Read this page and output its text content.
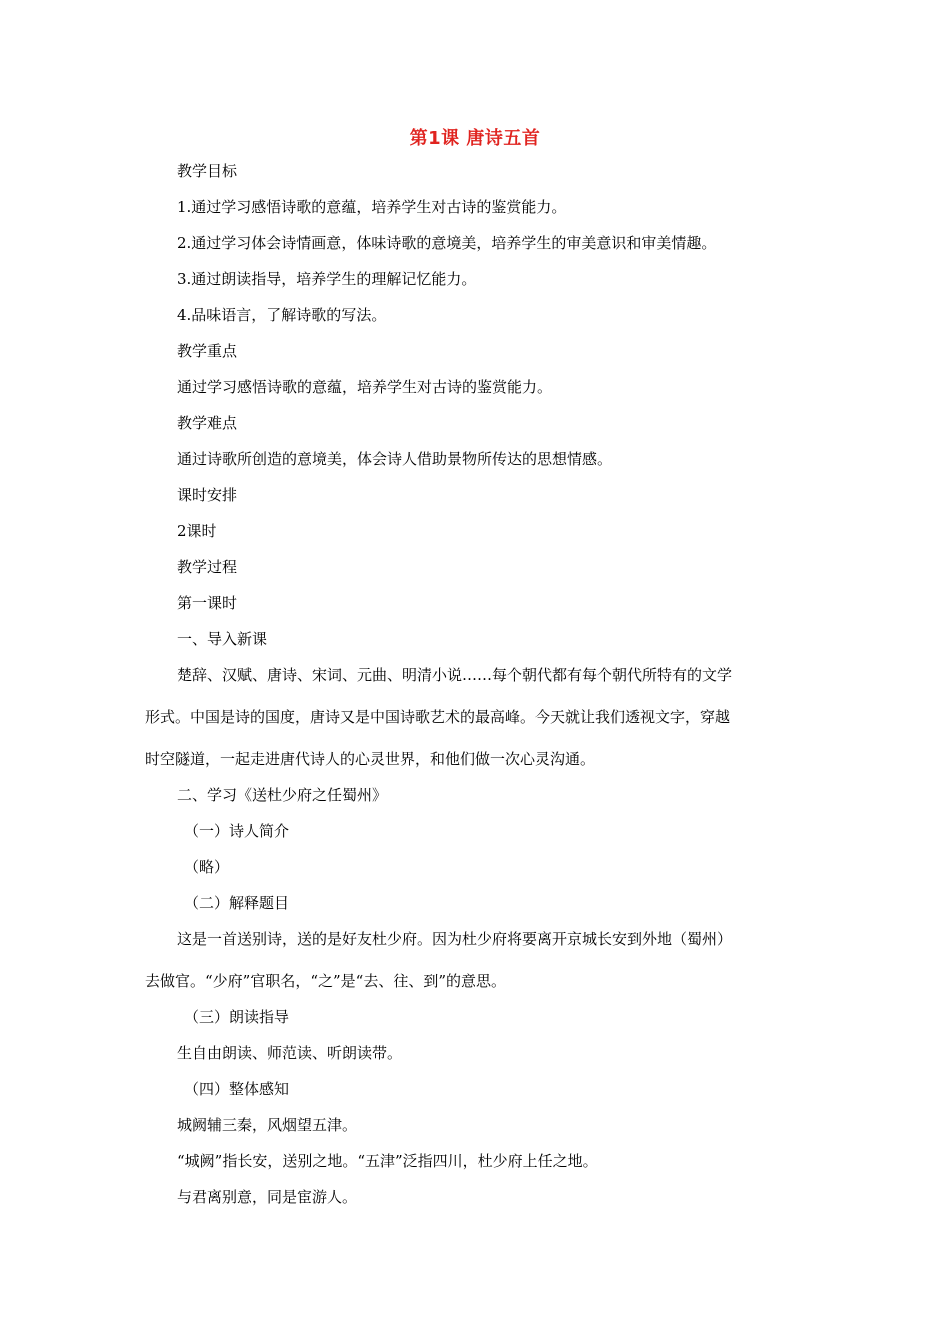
第1课 唐诗五首
教学目标
1.通过学习感悟诗歌的意蕴，培养学生对古诗的鉴赏能力。
2.通过学习体会诗情画意，体味诗歌的意境美，培养学生的审美意识和审美情趣。
3.通过朗读指导，培养学生的理解记忆能力。
4.品味语言，了解诗歌的写法。
教学重点
通过学习感悟诗歌的意蕴，培养学生对古诗的鉴赏能力。
教学难点
通过诗歌所创造的意境美，体会诗人借助景物所传达的思想情感。
课时安排
2课时
教学过程
第一课时
一、导入新课
楚辞、汉赋、唐诗、宋词、元曲、明清小说……每个朝代都有每个朝代所特有的文学
形式。中国是诗的国度，唐诗又是中国诗歌艺术的最高峰。今天就让我们透视文字，穿越
时空隧道，一起走进唐代诗人的心灵世界，和他们做一次心灵沟通。
二、学习《送杜少府之任蜀州》
（一）诗人简介
（略）
（二）解释题目
这是一首送别诗，送的是好友杜少府。因为杜少府将要离开京城长安到外地（蜀州）
去做官。“少府”官职名，“之”是“去、往、到”的意思。
（三）朗读指导
生自由朗读、师范读、听朗读带。
（四）整体感知
城阙辅三秦，风烟望五津。
“城阙”指长安，送别之地。“五津”泛指四川，杜少府上任之地。
与君离别意，同是宦游人。
